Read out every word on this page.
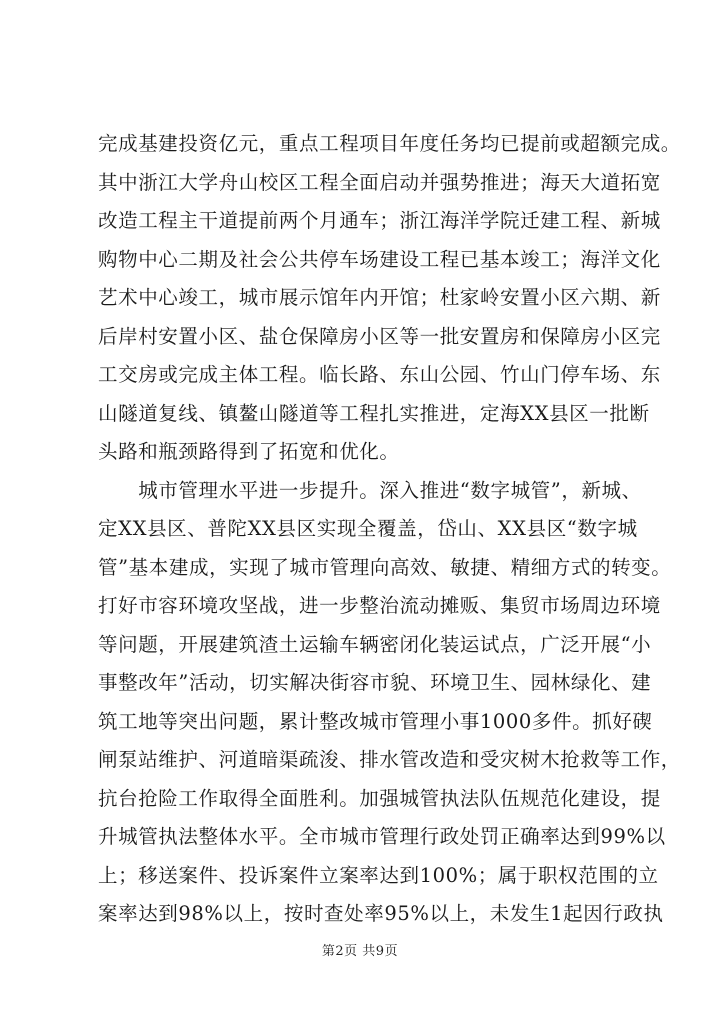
完成基建投资亿元，重点工程项目年度任务均已提前或超额完成。
其中浙江大学舟山校区工程全面启动并强势推进；海天大道拓宽
改造工程主干道提前两个月通车；浙江海洋学院迁建工程、新城
购物中心二期及社会公共停车场建设工程已基本竣工；海洋文化
艺术中心竣工，城市展示馆年内开馆；杜家岭安置小区六期、新
后岸村安置小区、盐仓保障房小区等一批安置房和保障房小区完
工交房或完成主体工程。临长路、东山公园、竹山门停车场、东
山隧道复线、镇鳌山隧道等工程扎实推进，定海XX县区一批断
头路和瓶颈路得到了拓宽和优化。
　　城市管理水平进一步提升。深入推进“数字城管”，新城、
定XX县区、普陀XX县区实现全覆盖，岱山、XX县区“数字城
管”基本建成，实现了城市管理向高效、敏捷、精细方式的转变。
打好市容环境攻坚战，进一步整治流动摊贩、集贸市场周边环境
等问题，开展建筑渣土运输车辆密闭化装运试点，广泛开展“小
事整改年”活动，切实解决街容市貌、环境卫生、园林绿化、建
筑工地等突出问题，累计整改城市管理小事1000多件。抓好碶
闸泵站维护、河道暗渠疏浚、排水管改造和受灾树木抢救等工作，
抗台抢险工作取得全面胜利。加强城管执法队伍规范化建设，提
升城管执法整体水平。全市城市管理行政处罚正确率达到99%以
上；移送案件、投诉案件立案率达到100%；属于职权范围的立
案率达到98%以上，按时查处率95%以上，未发生1起因行政执
第2页 共9页
